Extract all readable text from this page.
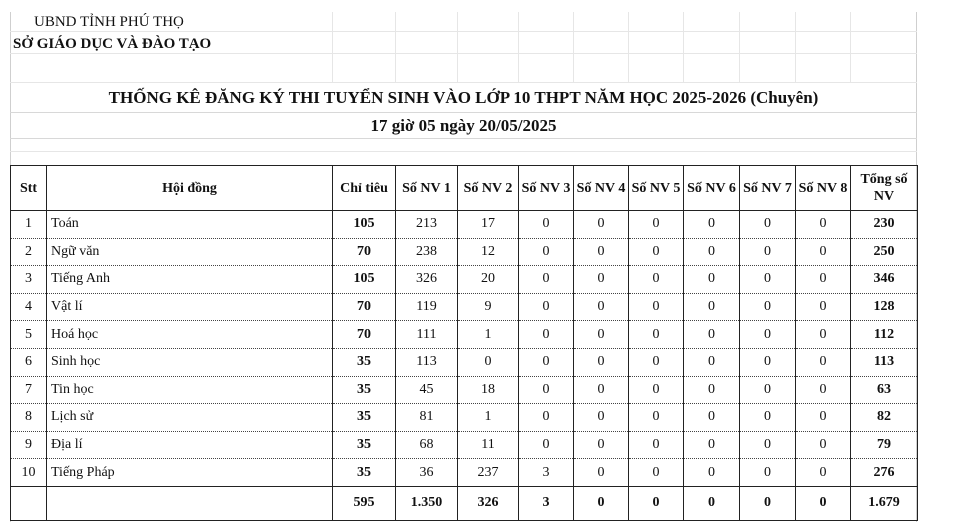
UBND TỈNH PHÚ THỌ
SỞ GIÁO DỤC VÀ ĐÀO TẠO
THỐNG KÊ ĐĂNG KÝ THI TUYỂN SINH VÀO LỚP 10 THPT NĂM HỌC 2025-2026 (Chuyên)
17 giờ 05 ngày 20/05/2025
Stt	Hội đồng	Chỉ tiêu	Số NV 1	Số NV 2	Số NV 3	Số NV 4	Số NV 5	Số NV 6	Số NV 7	Số NV 8	Tổng số NV
1	Toán	105	213	17	0	0	0	0	0	0	230
2	Ngữ văn	70	238	12	0	0	0	0	0	0	250
3	Tiếng Anh	105	326	20	0	0	0	0	0	0	346
4	Vật lí	70	119	9	0	0	0	0	0	0	128
5	Hoá học	70	111	1	0	0	0	0	0	0	112
6	Sinh học	35	113	0	0	0	0	0	0	0	113
7	Tin học	35	45	18	0	0	0	0	0	0	63
8	Lịch sử	35	81	1	0	0	0	0	0	0	82
9	Địa lí	35	68	11	0	0	0	0	0	0	79
10	Tiếng Pháp	35	36	237	3	0	0	0	0	0	276
		595	1.350	326	3	0	0	0	0	0	1.679
